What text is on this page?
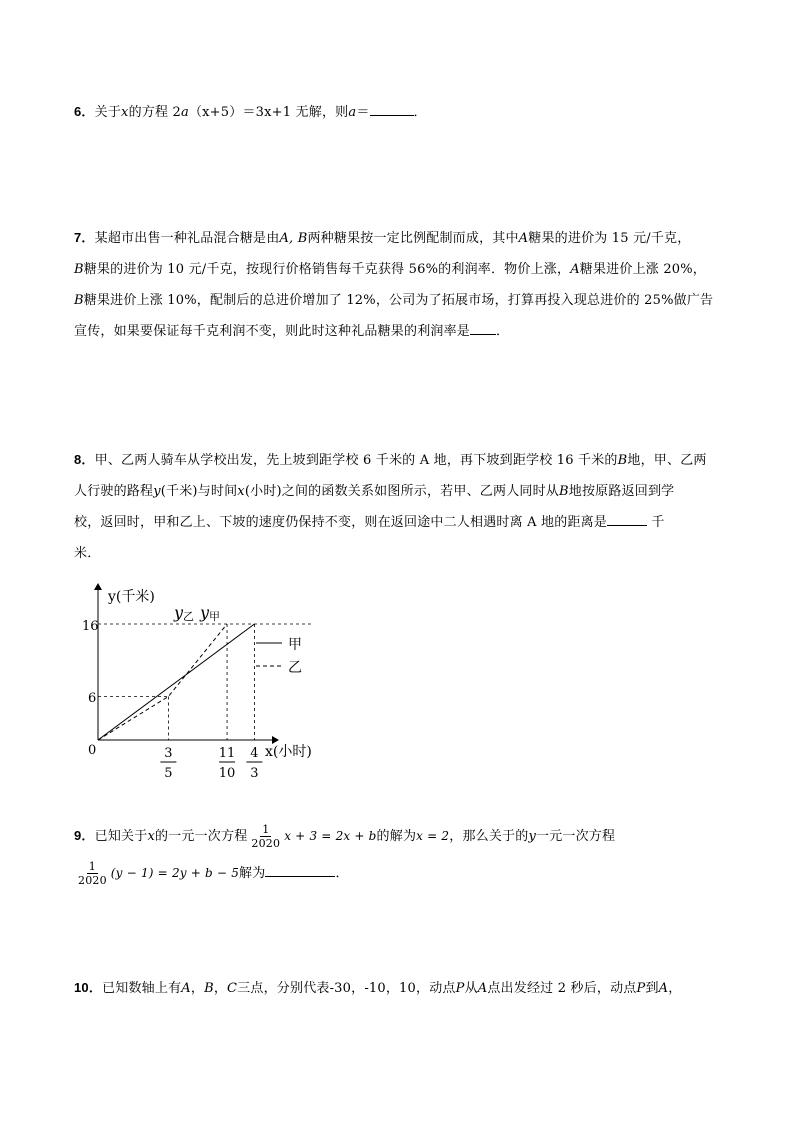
6．关于x的方程 2a（x+5）＝3x+1 无解，则a＝	．

7．某超市出售一种礼品混合糖是由A, B两种糖果按一定比例配制而成，其中A糖果的进价为 15 元/千克，
B糖果的进价为 10 元/千克，按现行价格销售每千克获得 56%的利润率．物价上涨，A糖果进价上涨 20%，
B糖果进价上涨 10%，配制后的总进价增加了 12%，公司为了拓展市场，打算再投入现总进价的 25%做广告
宣传，如果要保证每千克利润不变，则此时这种礼品糖果的利润率是 ．

8．甲、乙两人骑车从学校出发，先上坡到距学校 6 千米的 A 地，再下坡到距学校 16 千米的B地，甲、乙两
人行驶的路程y(千米)与时间x(小时)之间的函数关系如图所示，若甲、乙两人同时从B地按原路返回到学
校，返回时，甲和乙上、下坡的速度仍保持不变，则在返回途中二人相遇时离 A 地的距离是	千
米．

y(千米)
x(小时)
0
16
6
3
5
11
10
4
3
y乙 y甲
甲
乙

9．已知关于x的一元一次方程 $\frac{1}{2020}$ x + 3 = 2x + b的解为x = 2，那么关于的y一元一次方程

$\frac{1}{2020} (y - 1) = 2y + b - 5$解为	．

10．已知数轴上有A，B，C三点，分别代表-30，-10，10，动点P从A点出发经过 2 秒后，动点P到A，
